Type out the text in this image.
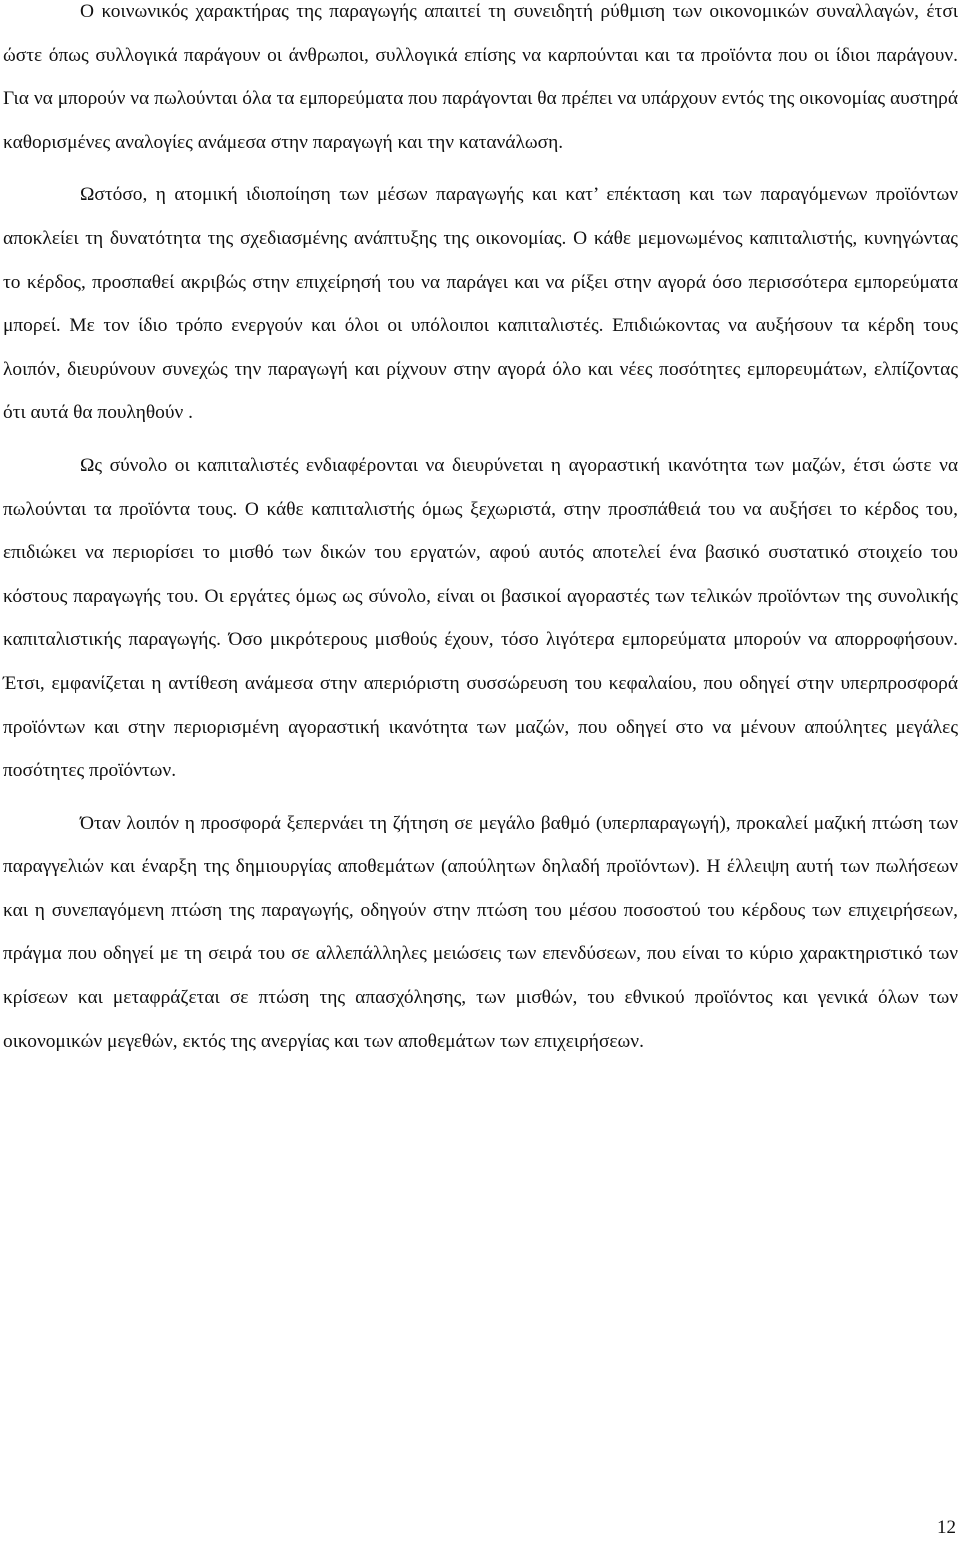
Ο κοινωνικός χαρακτήρας της παραγωγής απαιτεί τη συνειδητή ρύθμιση των οικονομικών συναλλαγών, έτσι ώστε όπως συλλογικά παράγουν οι άνθρωποι, συλλογικά επίσης να καρπούνται και τα προϊόντα που οι ίδιοι παράγουν. Για να μπορούν να πωλούνται όλα τα εμπορεύματα που παράγονται θα πρέπει να υπάρχουν εντός της οικονομίας αυστηρά καθορισμένες αναλογίες ανάμεσα στην παραγωγή και την κατανάλωση.

Ωστόσο, η ατομική ιδιοποίηση των μέσων παραγωγής και κατ’ επέκταση και των παραγόμενων προϊόντων αποκλείει τη δυνατότητα της σχεδιασμένης ανάπτυξης της οικονομίας. Ο κάθε μεμονωμένος καπιταλιστής, κυνηγώντας το κέρδος, προσπαθεί ακριβώς στην επιχείρησή του να παράγει και να ρίξει στην αγορά όσο περισσότερα εμπορεύματα μπορεί. Με τον ίδιο τρόπο ενεργούν και όλοι οι υπόλοιποι καπιταλιστές. Επιδιώκοντας να αυξήσουν τα κέρδη τους λοιπόν, διευρύνουν συνεχώς την παραγωγή και ρίχνουν στην αγορά όλο και νέες ποσότητες εμπορευμάτων, ελπίζοντας ότι αυτά θα πουληθούν .

Ως σύνολο οι καπιταλιστές ενδιαφέρονται να διευρύνεται η αγοραστική ικανότητα των μαζών, έτσι ώστε να πωλούνται τα προϊόντα τους. Ο κάθε καπιταλιστής όμως ξεχωριστά, στην προσπάθειά του να αυξήσει το κέρδος του, επιδιώκει να περιορίσει το μισθό των δικών του εργατών, αφού αυτός αποτελεί ένα βασικό συστατικό στοιχείο του κόστους παραγωγής του. Οι εργάτες όμως ως σύνολο, είναι οι βασικοί αγοραστές των τελικών προϊόντων της συνολικής καπιταλιστικής παραγωγής. Όσο μικρότερους μισθούς έχουν, τόσο λιγότερα εμπορεύματα μπορούν να απορροφήσουν. Έτσι, εμφανίζεται η αντίθεση ανάμεσα στην απεριόριστη συσσώρευση του κεφαλαίου, που οδηγεί στην υπερπροσφορά προϊόντων και στην περιορισμένη αγοραστική ικανότητα των μαζών, που οδηγεί στο να μένουν απούλητες μεγάλες ποσότητες προϊόντων.

Όταν λοιπόν η προσφορά ξεπερνάει τη ζήτηση σε μεγάλο βαθμό (υπερπαραγωγή), προκαλεί μαζική πτώση των παραγγελιών και έναρξη της δημιουργίας αποθεμάτων (απούλητων δηλαδή προϊόντων). Η έλλειψη αυτή των πωλήσεων και η συνεπαγόμενη πτώση της παραγωγής, οδηγούν στην πτώση του μέσου ποσοστού του κέρδους των επιχειρήσεων, πράγμα που οδηγεί με τη σειρά του σε αλλεπάλληλες μειώσεις των επενδύσεων, που είναι το κύριο χαρακτηριστικό των κρίσεων και μεταφράζεται σε πτώση της απασχόλησης, των μισθών, του εθνικού προϊόντος και γενικά όλων των οικονομικών μεγεθών, εκτός της ανεργίας και των αποθεμάτων των επιχειρήσεων.

12
